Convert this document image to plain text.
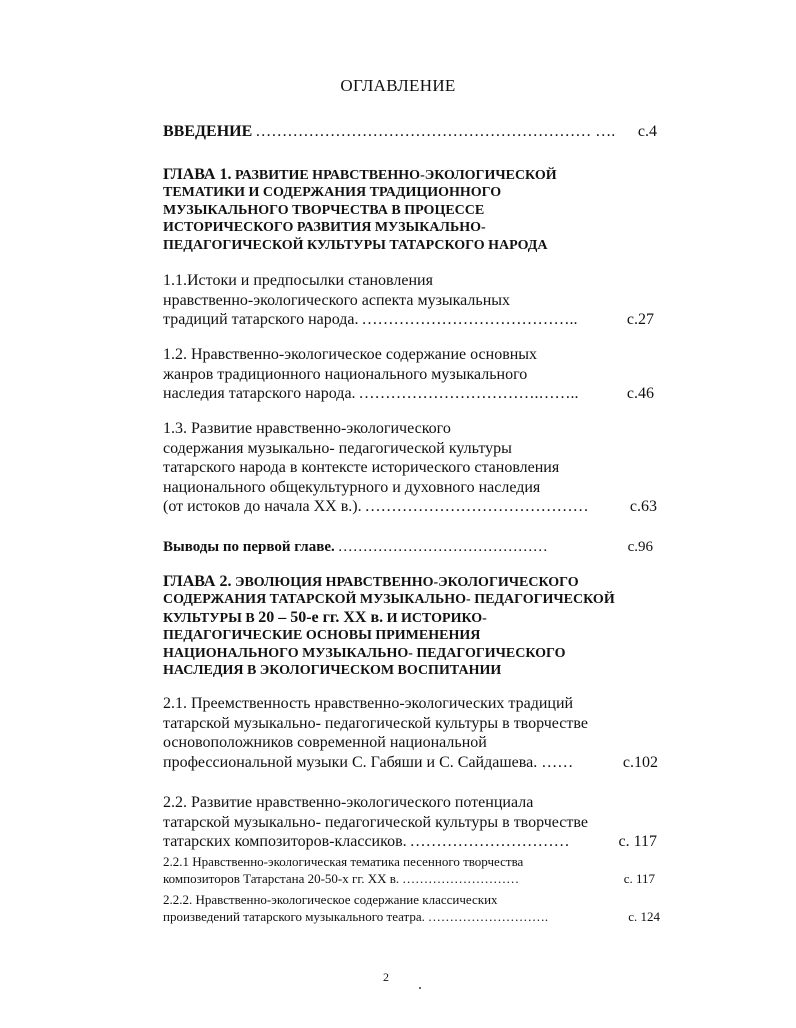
ОГЛАВЛЕНИЕ
ВВЕДЕНИЕ ……………………………………………………… ….	с.4
ГЛАВА 1. РАЗВИТИЕ НРАВСТВЕННО-ЭКОЛОГИЧЕСКОЙ
ТЕМАТИКИ И СОДЕРЖАНИЯ ТРАДИЦИОННОГО
МУЗЫКАЛЬНОГО ТВОРЧЕСТВА В ПРОЦЕССЕ
ИСТОРИЧЕСКОГО РАЗВИТИЯ МУЗЫКАЛЬНО-
ПЕДАГОГИЧЕСКОЙ КУЛЬТУРЫ ТАТАРСКОГО НАРОДА
1.1.Истоки и предпосылки становления
нравственно-экологического аспекта музыкальных
традиций татарского народа. …………………………………..	с.27
1.2. Нравственно-экологическое содержание основных
жанров традиционного национального музыкального
наследия татарского народа. …………………………….……..	с.46
1.3. Развитие нравственно-экологического
содержания музыкально- педагогической культуры
татарского народа в контексте исторического становления
национального общекультурного и духовного наследия
(от истоков до начала XX в.). ……………………………………	с.63
Выводы по первой главе. ……………………………………	с.96
ГЛАВА 2. ЭВОЛЮЦИЯ НРАВСТВЕННО-ЭКОЛОГИЧЕСКОГО
СОДЕРЖАНИЯ ТАТАРСКОЙ МУЗЫКАЛЬНО- ПЕДАГОГИЧЕСКОЙ
КУЛЬТУРЫ В 20 – 50-е гг. XX в. И ИСТОРИКО-
ПЕДАГОГИЧЕСКИЕ ОСНОВЫ ПРИМЕНЕНИЯ
НАЦИОНАЛЬНОГО МУЗЫКАЛЬНО- ПЕДАГОГИЧЕСКОГО
НАСЛЕДИЯ В ЭКОЛОГИЧЕСКОМ ВОСПИТАНИИ
2.1. Преемственность нравственно-экологических традиций
татарской музыкально- педагогической культуры в творчестве
основоположников современной национальной
профессиональной музыки С. Габяши и С. Сайдашева. ……	с.102
2.2. Развитие нравственно-экологического потенциала
татарской музыкально- педагогической культуры в творчестве
татарских композиторов-классиков. …………………………	с. 117
2.2.1 Нравственно-экологическая тематика песенного творчества
композиторов Татарстана 20-50-х гг. XX в. ………………………	с. 117
2.2.2. Нравственно-экологическое содержание классических
произведений татарского музыкального театра. ……………………….	с. 124
2
